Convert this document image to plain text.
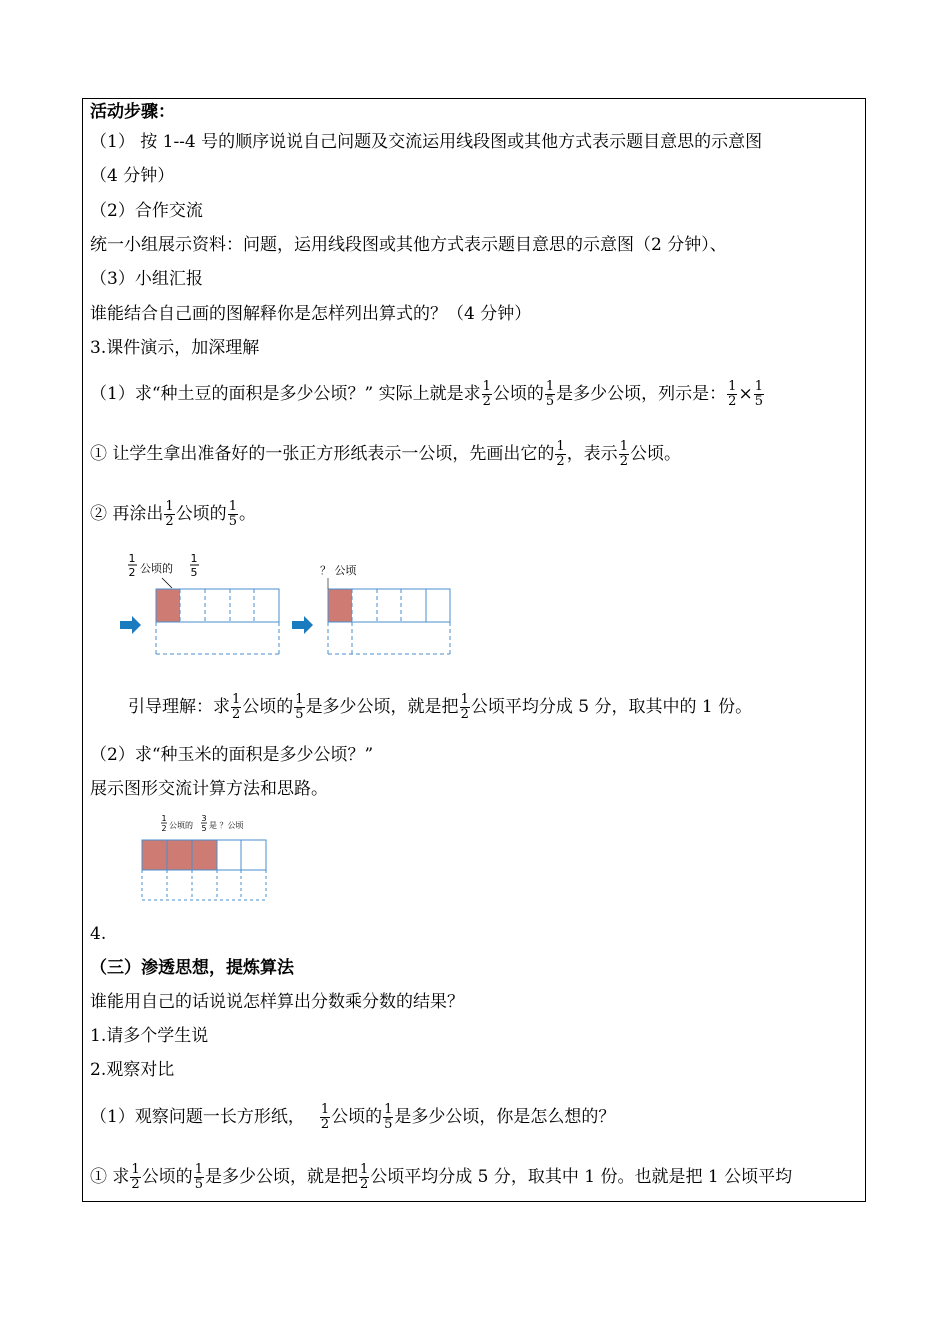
活动步骤：
（1） 按 1--4 号的顺序说说自己问题及交流运用线段图或其他方式表示题目意思的示意图
（4 分钟）
（2）合作交流
统一小组展示资料：问题，运用线段图或其他方式表示题目意思的示意图（2 分钟）、
（3）小组汇报
谁能结合自己画的图解释你是怎样列出算式的？（4 分钟）
3.课件演示，加深理解
（1）求“种土豆的面积是多少公顷？” 实际上就是求 $\frac{1}{2}$ 公顷的 $\frac{1}{5}$ 是多少公顷，列示是： $\frac{1}{2} \times \frac{1}{5}$
① 让学生拿出准备好的一张正方形纸表示一公顷，先画出它的 $\frac{1}{2}$ ，表示 $\frac{1}{2}$ 公顷。
② 再涂出 $\frac{1}{2}$ 公顷的 $\frac{1}{5}$ 。
1
2 公顷的
1
5	？ 公顷
引导理解：求 $\frac{1}{2}$ 公顷的 $\frac{1}{5}$ 是多少公顷，就是把 $\frac{1}{2}$ 公顷平均分成 5 分，取其中的 1 份。
（2）求“种玉米的面积是多少公顷？”
展示图形交流计算方法和思路。
1
2 公顷的
3
5 是 ？公顷
4.
（三）渗透思想，提炼算法
谁能用自己的话说说怎样算出分数乘分数的结果？
1.请多个学生说
2.观察对比
（1）观察问题一长方形纸， $\frac{1}{2}$ 公顷的 $\frac{1}{5}$ 是多少公顷，你是怎么想的？
① 求 $\frac{1}{2}$ 公顷的 $\frac{1}{5}$ 是多少公顷，就是把 $\frac{1}{2}$ 公顷平均分成 5 分，取其中 1 份。也就是把 1 公顷平均
